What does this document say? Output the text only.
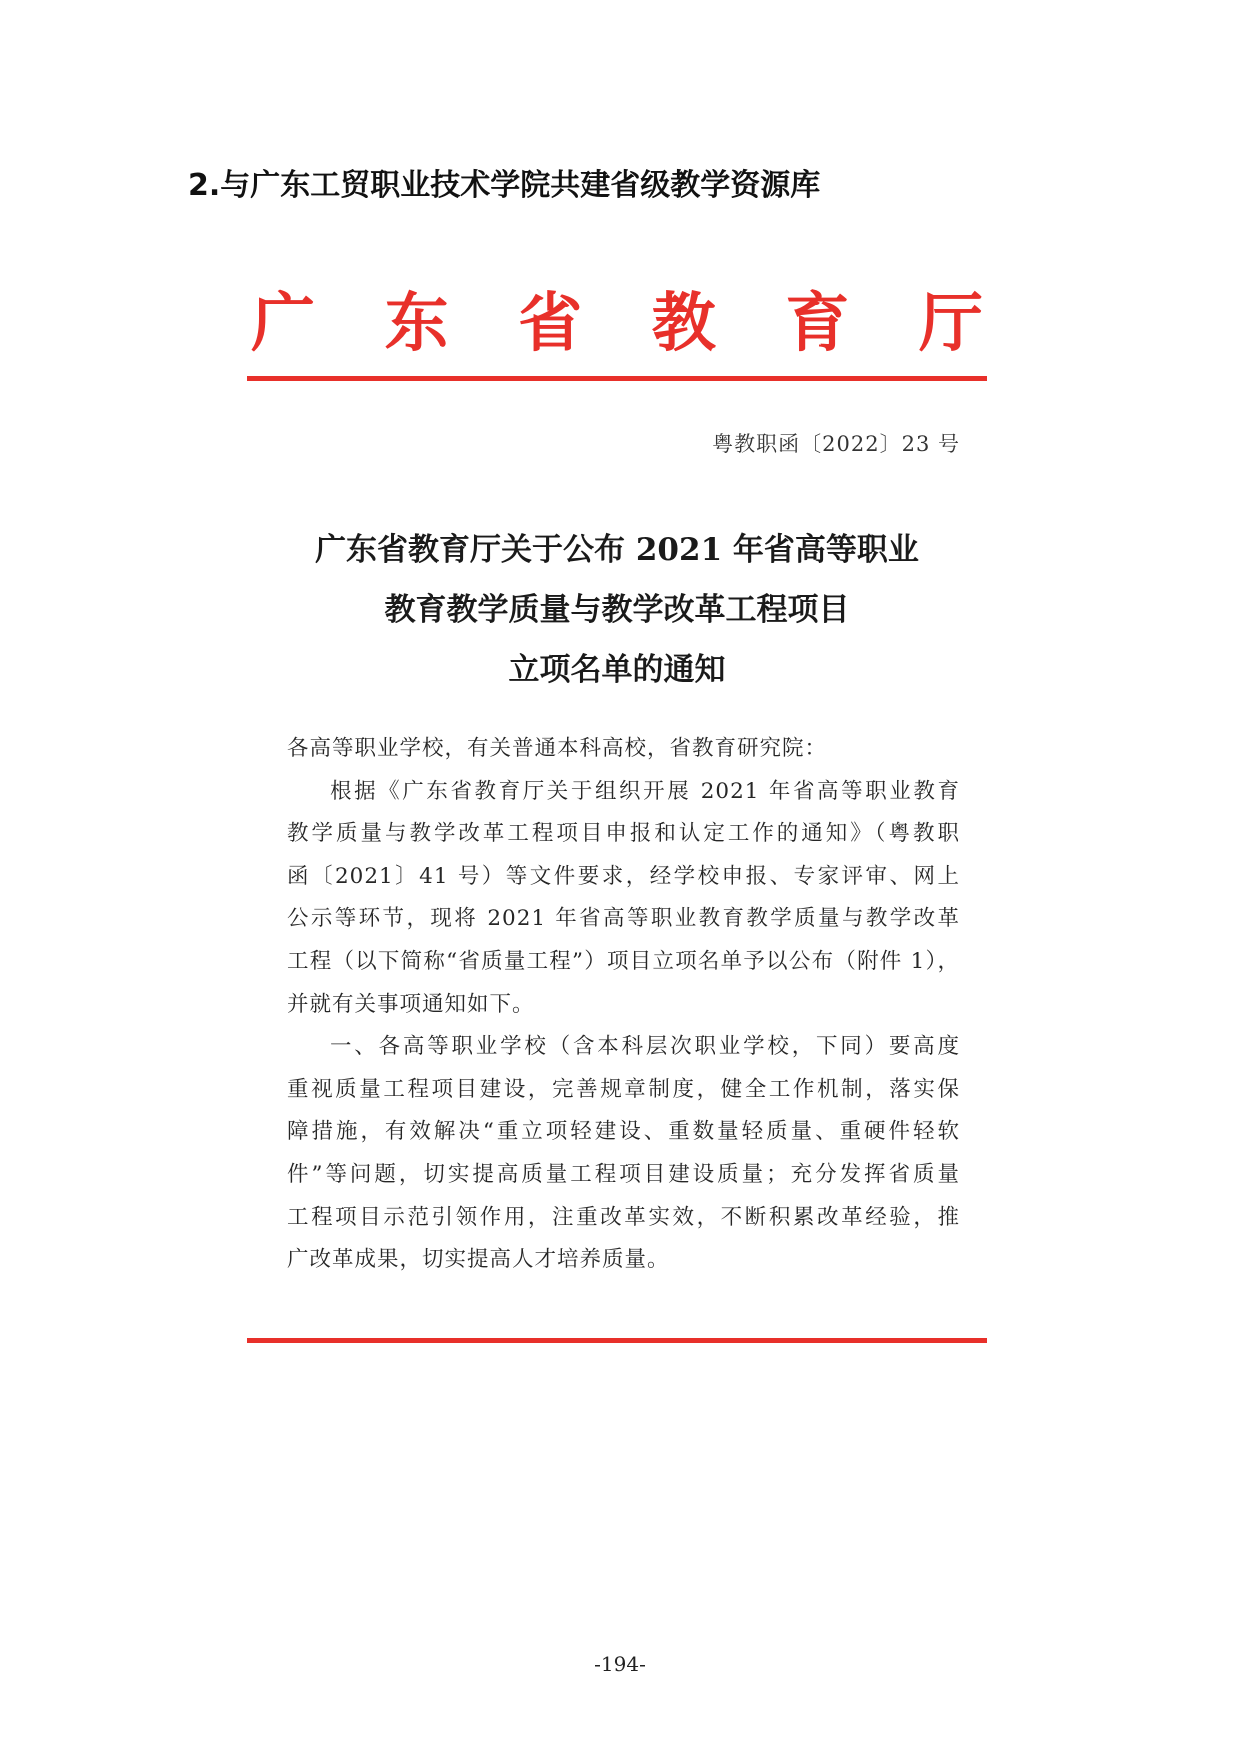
2.与广东工贸职业技术学院共建省级教学资源库
广 东 省 教 育 厅
粤教职函〔2022〕23 号
广东省教育厅关于公布 2021 年省高等职业
教育教学质量与教学改革工程项目
立项名单的通知
各高等职业学校，有关普通本科高校，省教育研究院：
根据《广东省教育厅关于组织开展 2021 年省高等职业教育
教学质量与教学改革工程项目申报和认定工作的通知》（粤教职
函〔2021〕41 号）等文件要求，经学校申报、专家评审、网上
公示等环节，现将 2021 年省高等职业教育教学质量与教学改革
工程（以下简称“省质量工程”）项目立项名单予以公布（附件 1），
并就有关事项通知如下。
一、各高等职业学校（含本科层次职业学校，下同）要高度
重视质量工程项目建设，完善规章制度，健全工作机制，落实保
障措施，有效解决“重立项轻建设、重数量轻质量、重硬件轻软
件”等问题，切实提高质量工程项目建设质量；充分发挥省质量
工程项目示范引领作用，注重改革实效，不断积累改革经验，推
广改革成果，切实提高人才培养质量。
-194-
